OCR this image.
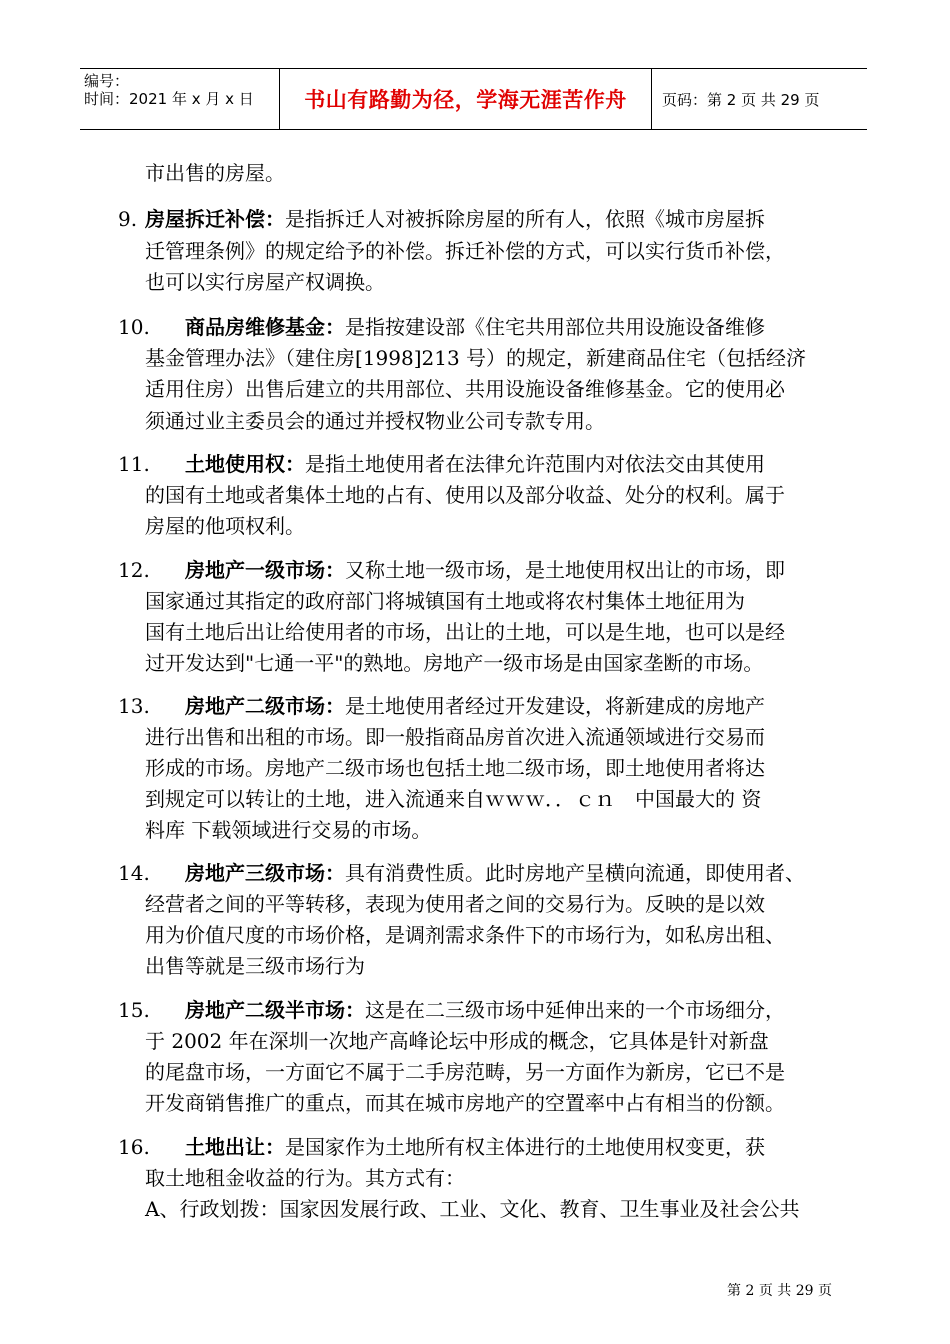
编号：
时间：2021 年 x 月 x 日	书山有路勤为径，学海无涯苦作舟	页码：第 2 页 共 29 页
市出售的房屋。
9. 房屋拆迁补偿：是指拆迁人对被拆除房屋的所有人，依照《城市房屋拆
迁管理条例》的规定给予的补偿。拆迁补偿的方式，可以实行货币补偿，
也可以实行房屋产权调换。
10. 商品房维修基金：是指按建设部《住宅共用部位共用设施设备维修
基金管理办法》（建住房[1998]213 号）的规定，新建商品住宅（包括经济
适用住房）出售后建立的共用部位、共用设施设备维修基金。它的使用必
须通过业主委员会的通过并授权物业公司专款专用。
11. 土地使用权：是指土地使用者在法律允许范围内对依法交由其使用
的国有土地或者集体土地的占有、使用以及部分收益、处分的权利。属于
房屋的他项权利。
12. 房地产一级市场：又称土地一级市场，是土地使用权出让的市场，即
国家通过其指定的政府部门将城镇国有土地或将农村集体土地征用为
国有土地后出让给使用者的市场，出让的土地，可以是生地，也可以是经
过开发达到"七通一平"的熟地。房地产一级市场是由国家垄断的市场。
13. 房地产二级市场：是土地使用者经过开发建设，将新建成的房地产
进行出售和出租的市场。即一般指商品房首次进入流通领域进行交易而
形成的市场。房地产二级市场也包括土地二级市场，即土地使用者将达
到规定可以转让的土地，进入流通来自ｗｗｗ．．ｃｎ　中国最大的 资
料库 下载领域进行交易的市场。
14. 房地产三级市场：具有消费性质。此时房地产呈横向流通，即使用者、
经营者之间的平等转移，表现为使用者之间的交易行为。反映的是以效
用为价值尺度的市场价格，是调剂需求条件下的市场行为，如私房出租、
出售等就是三级市场行为
15. 房地产二级半市场：这是在二三级市场中延伸出来的一个市场细分，
于 2002 年在深圳一次地产高峰论坛中形成的概念，它具体是针对新盘
的尾盘市场，一方面它不属于二手房范畴，另一方面作为新房，它已不是
开发商销售推广的重点，而其在城市房地产的空置率中占有相当的份额。
16. 土地出让：是国家作为土地所有权主体进行的土地使用权变更，获
取土地租金收益的行为。其方式有：
A、行政划拨：国家因发展行政、工业、文化、教育、卫生事业及社会公共
第 2 页 共 29 页
